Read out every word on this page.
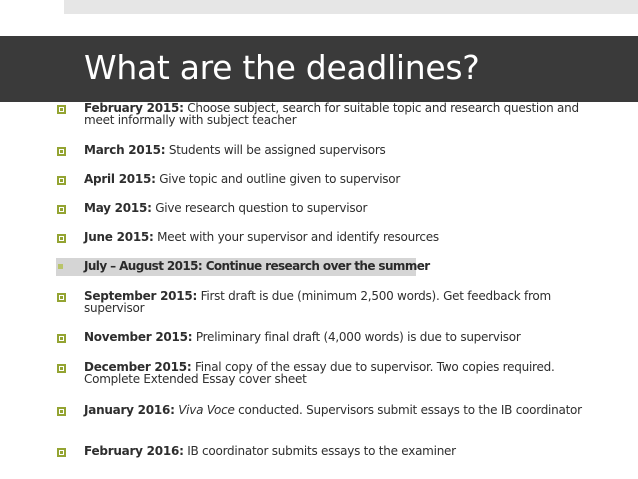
What are the deadlines?
February 2015: Choose subject, search for suitable topic and research question and meet informally with subject teacher
March 2015: Students will be assigned supervisors
April 2015: Give topic and outline given to supervisor
May 2015: Give research question to supervisor
June 2015: Meet with your supervisor and identify resources
July – August 2015: Continue research over the summer
September 2015: First draft is due (minimum 2,500 words). Get feedback from supervisor
November 2015: Preliminary final draft (4,000 words) is due to supervisor
December 2015: Final copy of the essay due to supervisor. Two copies required. Complete Extended Essay cover sheet
January 2016: Viva Voce conducted. Supervisors submit essays to the IB coordinator
February 2016: IB coordinator submits essays to the examiner
